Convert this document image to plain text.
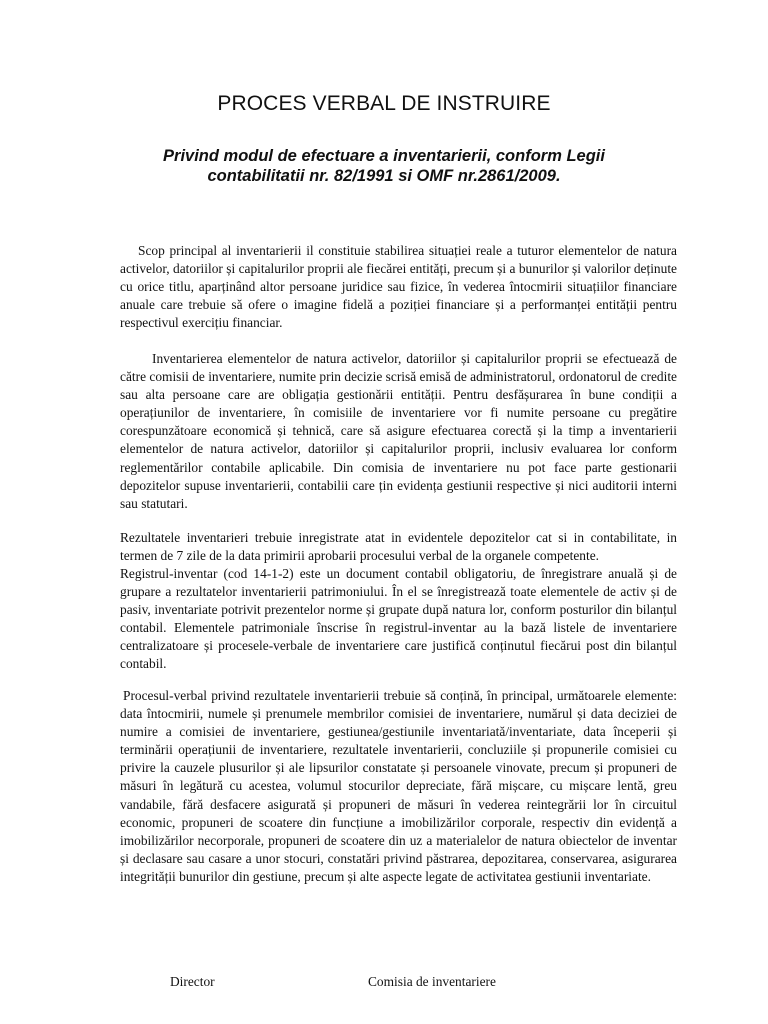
PROCES VERBAL DE INSTRUIRE
Privind modul de efectuare a inventarierii, conform Legii contabilitatii nr. 82/1991 si OMF nr.2861/2009.

Scop principal al inventarierii il constituie stabilirea situației reale a tuturor elementelor de natura activelor, datoriilor și capitalurilor proprii ale fiecărei entități, precum și a bunurilor și valorilor deținute cu orice titlu, aparținând altor persoane juridice sau fizice, în vederea întocmirii situațiilor financiare anuale care trebuie să ofere o imagine fidelă a poziției financiare și a performanței entității pentru respectivul exercițiu financiar.

Inventarierea elementelor de natura activelor, datoriilor și capitalurilor proprii se efectuează de către comisii de inventariere, numite prin decizie scrisă emisă de administratorul, ordonatorul de credite sau alta persoane care are obligația gestionării entității. Pentru desfășurarea în bune condiții a operațiunilor de inventariere, în comisiile de inventariere vor fi numite persoane cu pregătire corespunzătoare economică și tehnică, care să asigure efectuarea corectă și la timp a inventarierii elementelor de natura activelor, datoriilor și capitalurilor proprii, inclusiv evaluarea lor conform reglementărilor contabile aplicabile. Din comisia de inventariere nu pot face parte gestionarii depozitelor supuse inventarierii, contabilii care țin evidența gestiunii respective și nici auditorii interni sau statutari.

Rezultatele inventarieri trebuie inregistrate atat in evidentele depozitelor cat si in contabilitate, in termen de 7 zile de la data primirii aprobarii procesului verbal de la organele competente.

Registrul-inventar (cod 14-1-2) este un document contabil obligatoriu, de înregistrare anuală și de grupare a rezultatelor inventarierii patrimoniului. În el se înregistrează toate elementele de activ și de pasiv, inventariate potrivit prezentelor norme și grupate după natura lor, conform posturilor din bilanțul contabil. Elementele patrimoniale înscrise în registrul-inventar au la bază listele de inventariere centralizatoare și procesele-verbale de inventariere care justifică conținutul fiecărui post din bilanțul contabil.

Procesul-verbal privind rezultatele inventarierii trebuie să conțină, în principal, următoarele elemente: data întocmirii, numele și prenumele membrilor comisiei de inventariere, numărul și data deciziei de numire a comisiei de inventariere, gestiunea/gestiunile inventariată/inventariate, data începerii și terminării operațiunii de inventariere, rezultatele inventarierii, concluziile și propunerile comisiei cu privire la cauzele plusurilor și ale lipsurilor constatate și persoanele vinovate, precum și propuneri de măsuri în legătură cu acestea, volumul stocurilor depreciate, fără mișcare, cu mișcare lentă, greu vandabile, fără desfacere asigurată și propuneri de măsuri în vederea reintegrării lor în circuitul economic, propuneri de scoatere din funcțiune a imobilizărilor corporale, respectiv din evidență a imobilizărilor necorporale, propuneri de scoatere din uz a materialelor de natura obiectelor de inventar și declasare sau casare a unor stocuri, constatări privind păstrarea, depozitarea, conservarea, asigurarea integrității bunurilor din gestiune, precum și alte aspecte legate de activitatea gestiunii inventariate.

Director	Comisia de inventariere
